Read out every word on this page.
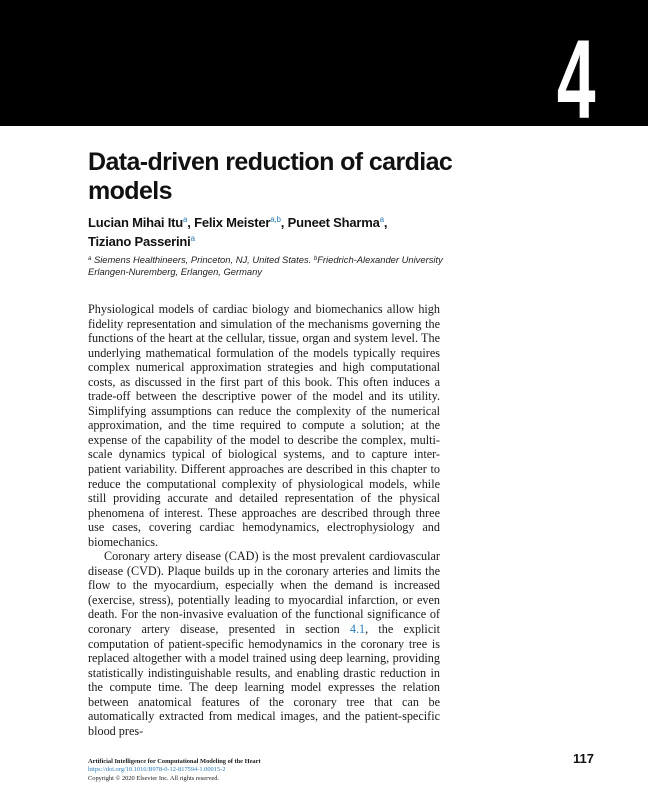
4
Data-driven reduction of cardiac models
Lucian Mihai Itu$^a$, Felix Meister$^{a,b}$, Puneet Sharma$^a$,
Tiziano Passerini$^a$
$^a$ Siemens Healthineers, Princeton, NJ, United States. $^b$Friedrich-Alexander University Erlangen-Nuremberg, Erlangen, Germany

Physiological models of cardiac biology and biomechanics allow high fidelity representation and simulation of the mechanisms governing the functions of the heart at the cellular, tissue, organ and system level. The underlying mathematical formulation of the models typically requires complex numerical approximation strategies and high computational costs, as discussed in the first part of this book. This often induces a trade-off between the descriptive power of the model and its utility. Simplifying assumptions can reduce the complexity of the numerical approximation, and the time required to compute a solution; at the expense of the capability of the model to describe the complex, multi-scale dynamics typical of biological systems, and to capture inter-patient variability. Different approaches are described in this chapter to reduce the computational complexity of physiological models, while still providing accurate and detailed representation of the physical phenomena of interest. These approaches are described through three use cases, covering cardiac hemodynamics, electrophysiology and biomechanics.

Coronary artery disease (CAD) is the most prevalent cardiovascular disease (CVD). Plaque builds up in the coronary arteries and limits the flow to the myocardium, especially when the demand is increased (exercise, stress), potentially leading to myocardial infarction, or even death. For the non-invasive evaluation of the functional significance of coronary artery disease, presented in section 4.1, the explicit computation of patient-specific hemodynamics in the coronary tree is replaced altogether with a model trained using deep learning, providing statistically indistinguishable results, and enabling drastic reduction in the compute time. The deep learning model expresses the relation between anatomical features of the coronary tree that can be automatically extracted from medical images, and the patient-specific blood pres-

Artificial Intelligence for Computational Modeling of the Heart
https://doi.org/10.1016/B978-0-12-817594-1.00015-2
Copyright © 2020 Elsevier Inc. All rights reserved.
117
